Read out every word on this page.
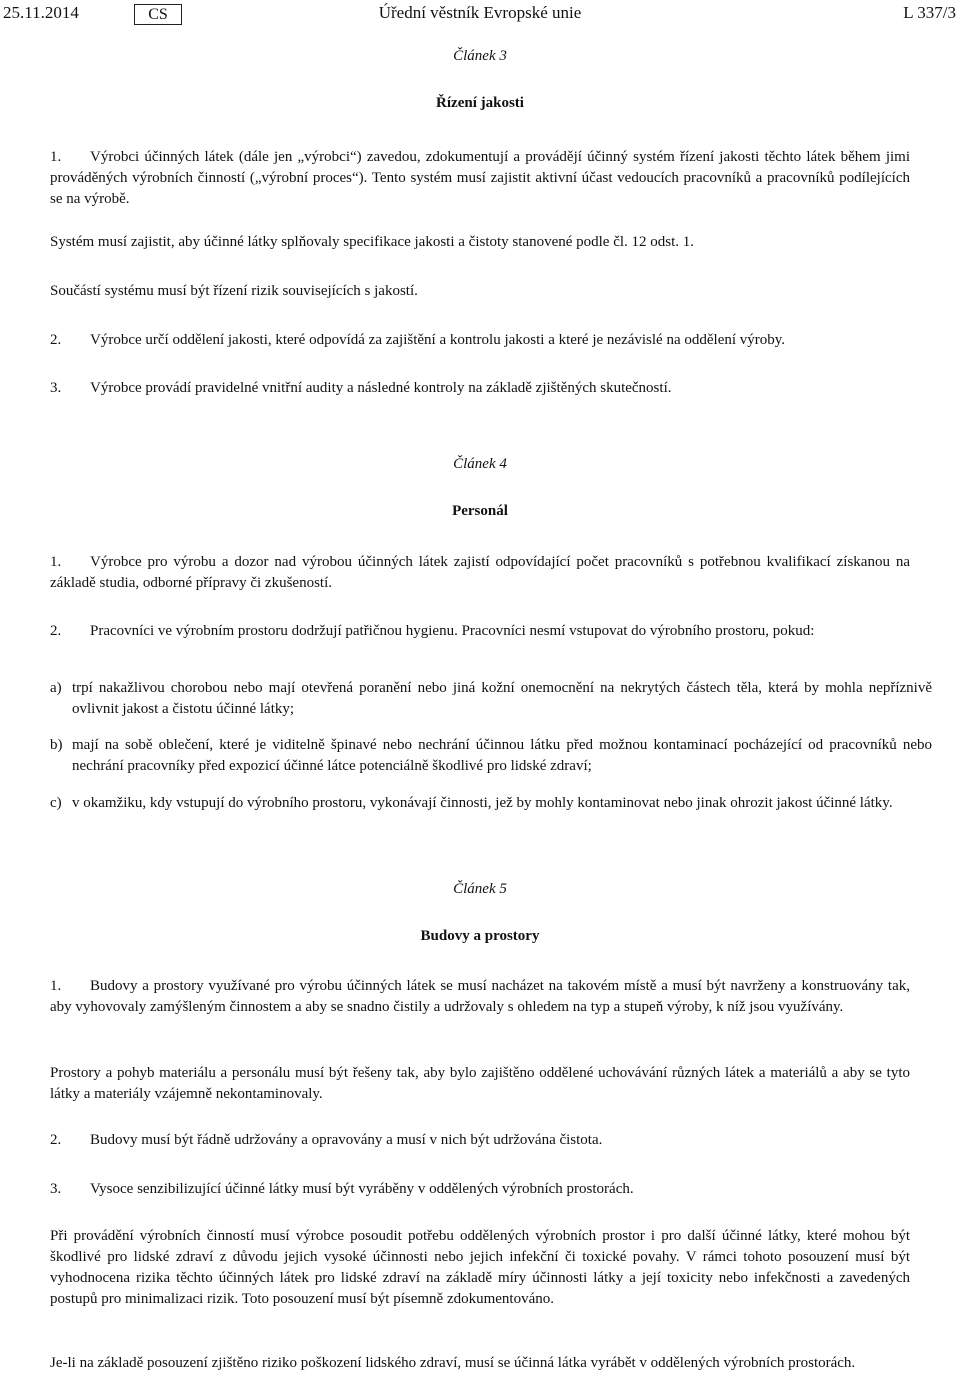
25.11.2014	CS	Úřední věstník Evropské unie	L 337/3
Článek 3
Řízení jakosti

1. Výrobci účinných látek (dále jen „výrobci“) zavedou, zdokumentují a provádějí účinný systém řízení jakosti těchto látek během jimi prováděných výrobních činností („výrobní proces“). Tento systém musí zajistit aktivní účast vedoucích pracovníků a pracovníků podílejících se na výrobě.

Systém musí zajistit, aby účinné látky splňovaly specifikace jakosti a čistoty stanovené podle čl. 12 odst. 1.

Součástí systému musí být řízení rizik souvisejících s jakostí.

2. Výrobce určí oddělení jakosti, které odpovídá za zajištění a kontrolu jakosti a které je nezávislé na oddělení výroby.

3. Výrobce provádí pravidelné vnitřní audity a následné kontroly na základě zjištěných skutečností.

Článek 4
Personál

1. Výrobce pro výrobu a dozor nad výrobou účinných látek zajistí odpovídající počet pracovníků s potřebnou kvalifikací získanou na základě studia, odborné přípravy či zkušeností.

2. Pracovníci ve výrobním prostoru dodržují patřičnou hygienu. Pracovníci nesmí vstupovat do výrobního prostoru, pokud:

a) trpí nakažlivou chorobou nebo mají otevřená poranění nebo jiná kožní onemocnění na nekrytých částech těla, která by mohla nepříznivě ovlivnit jakost a čistotu účinné látky;

b) mají na sobě oblečení, které je viditelně špinavé nebo nechrání účinnou látku před možnou kontaminací pocházející od pracovníků nebo nechrání pracovníky před expozicí účinné látce potenciálně škodlivé pro lidské zdraví;

c) v okamžiku, kdy vstupují do výrobního prostoru, vykonávají činnosti, jež by mohly kontaminovat nebo jinak ohrozit jakost účinné látky.

Článek 5
Budovy a prostory

1. Budovy a prostory využívané pro výrobu účinných látek se musí nacházet na takovém místě a musí být navrženy a konstruovány tak, aby vyhovovaly zamýšleným činnostem a aby se snadno čistily a udržovaly s ohledem na typ a stupeň výroby, k níž jsou využívány.

Prostory a pohyb materiálu a personálu musí být řešeny tak, aby bylo zajištěno oddělené uchovávání různých látek a materiálů a aby se tyto látky a materiály vzájemně nekontaminovaly.

2. Budovy musí být řádně udržovány a opravovány a musí v nich být udržována čistota.

3. Vysoce senzibilizující účinné látky musí být vyráběny v oddělených výrobních prostorách.

Při provádění výrobních činností musí výrobce posoudit potřebu oddělených výrobních prostor i pro další účinné látky, které mohou být škodlivé pro lidské zdraví z důvodu jejich vysoké účinnosti nebo jejich infekční či toxické povahy. V rámci tohoto posouzení musí být vyhodnocena rizika těchto účinných látek pro lidské zdraví na základě míry účinnosti látky a její toxicity nebo infekčnosti a zavedených postupů pro minimalizaci rizik. Toto posouzení musí být písemně zdokumentováno.

Je-li na základě posouzení zjištěno riziko poškození lidského zdraví, musí se účinná látka vyrábět v oddělených výrobních prostorách.
